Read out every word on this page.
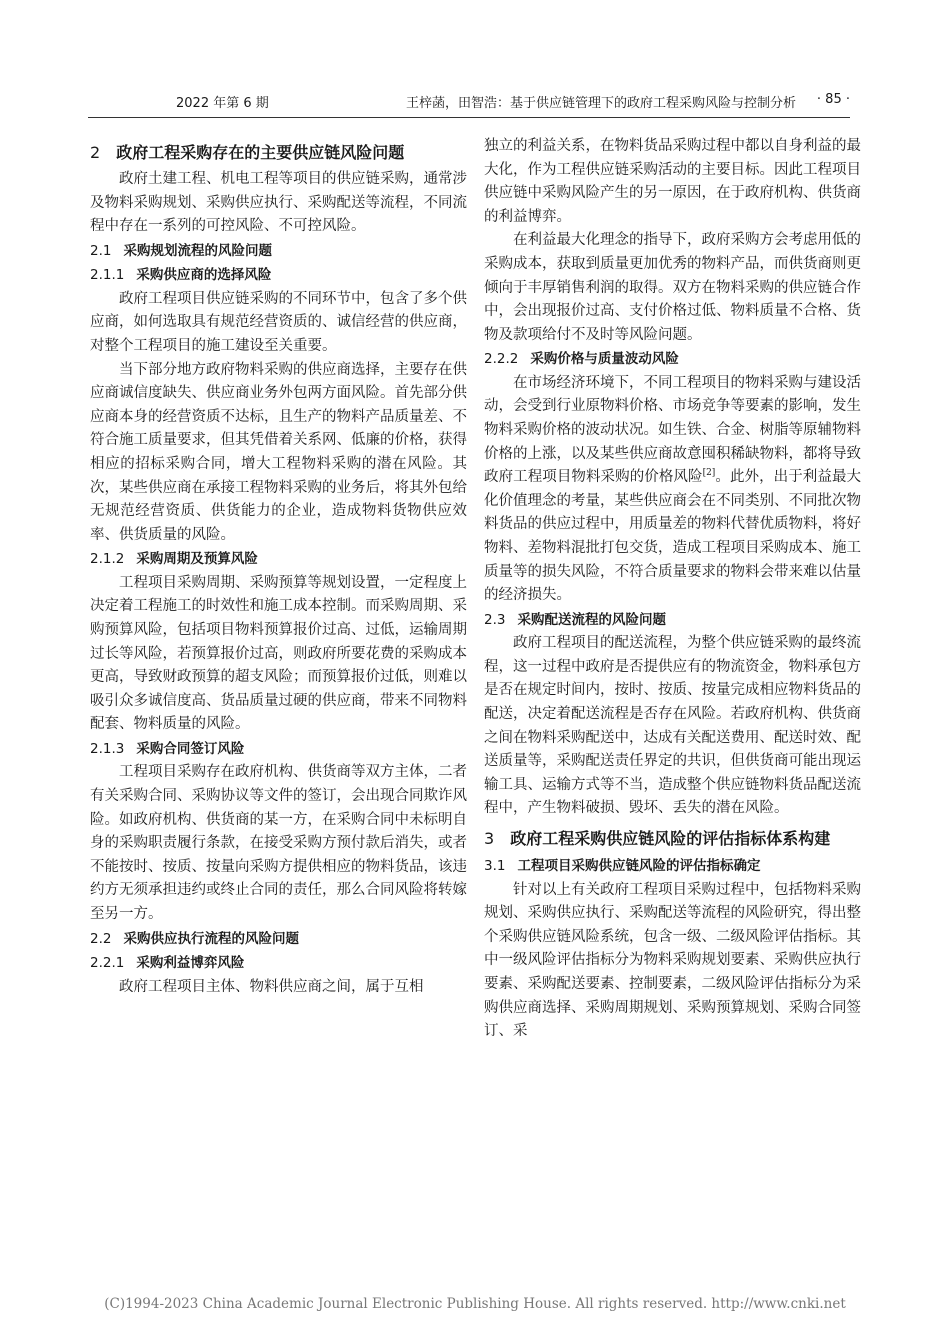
2022 年第 6 期	王梓菡，田智浩：基于供应链管理下的政府工程采购风险与控制分析 · 85 ·
2 政府工程采购存在的主要供应链风险问题

政府土建工程、机电工程等项目的供应链采购，通常涉及物料采购规划、采购供应执行、采购配送等流程，不同流程中存在一系列的可控风险、不可控风险。

2.1 采购规划流程的风险问题
2.1.1 采购供应商的选择风险

政府工程项目供应链采购的不同环节中，包含了多个供应商，如何选取具有规范经营资质的、诚信经营的供应商，对整个工程项目的施工建设至关重要。

当下部分地方政府物料采购的供应商选择，主要存在供应商诚信度缺失、供应商业务外包两方面风险。首先部分供应商本身的经营资质不达标，且生产的物料产品质量差、不符合施工质量要求，但其凭借着关系网、低廉的价格，获得相应的招标采购合同，增大工程物料采购的潜在风险。其次，某些供应商在承接工程物料采购的业务后，将其外包给无规范经营资质、供货能力的企业，造成物料货物供应效率、供货质量的风险。

2.1.2 采购周期及预算风险

工程项目采购周期、采购预算等规划设置，一定程度上决定着工程施工的时效性和施工成本控制。而采购周期、采购预算风险，包括项目物料预算报价过高、过低，运输周期过长等风险，若预算报价过高，则政府所要花费的采购成本更高，导致财政预算的超支风险；而预算报价过低，则难以吸引众多诚信度高、货品质量过硬的供应商，带来不同物料配套、物料质量的风险。

2.1.3 采购合同签订风险

工程项目采购存在政府机构、供货商等双方主体，二者有关采购合同、采购协议等文件的签订，会出现合同欺诈风险。如政府机构、供货商的某一方，在采购合同中未标明自身的采购职责履行条款，在接受采购方预付款后消失，或者不能按时、按质、按量向采购方提供相应的物料货品，该违约方无须承担违约或终止合同的责任，那么合同风险将转嫁至另一方。

2.2 采购供应执行流程的风险问题
2.2.1 采购利益博弈风险

政府工程项目主体、物料供应商之间，属于互相

独立的利益关系，在物料货品采购过程中都以自身利益的最大化，作为工程供应链采购活动的主要目标。因此工程项目供应链中采购风险产生的另一原因，在于政府机构、供货商的利益博弈。

在利益最大化理念的指导下，政府采购方会考虑用低的采购成本，获取到质量更加优秀的物料产品，而供货商则更倾向于丰厚销售利润的取得。双方在物料采购的供应链合作中，会出现报价过高、支付价格过低、物料质量不合格、货物及款项给付不及时等风险问题。

2.2.2 采购价格与质量波动风险

在市场经济环境下，不同工程项目的物料采购与建设活动，会受到行业原物料价格、市场竞争等要素的影响，发生物料采购价格的波动状况。如生铁、合金、树脂等原辅物料价格的上涨，以及某些供应商故意囤积稀缺物料，都将导致政府工程项目物料采购的价格风险[2]。此外，出于利益最大化价值理念的考量，某些供应商会在不同类别、不同批次物料货品的供应过程中，用质量差的物料代替优质物料，将好物料、差物料混批打包交货，造成工程项目采购成本、施工质量等的损失风险，不符合质量要求的物料会带来难以估量的经济损失。

2.3 采购配送流程的风险问题

政府工程项目的配送流程，为整个供应链采购的最终流程，这一过程中政府是否提供应有的物流资金，物料承包方是否在规定时间内，按时、按质、按量完成相应物料货品的配送，决定着配送流程是否存在风险。若政府机构、供货商之间在物料采购配送中，达成有关配送费用、配送时效、配送质量等，采购配送责任界定的共识，但供货商可能出现运输工具、运输方式等不当，造成整个供应链物料货品配送流程中，产生物料破损、毁坏、丢失的潜在风险。

3 政府工程采购供应链风险的评估指标体系构建
3.1 工程项目采购供应链风险的评估指标确定

针对以上有关政府工程项目采购过程中，包括物料采购规划、采购供应执行、采购配送等流程的风险研究，得出整个采购供应链风险系统，包含一级、二级风险评估指标。其中一级风险评估指标分为物料采购规划要素、采购供应执行要素、采购配送要素、控制要素，二级风险评估指标分为采购供应商选择、采购周期规划、采购预算规划、采购合同签订、采

(C)1994-2023 China Academic Journal Electronic Publishing House. All rights reserved. http://www.cnki.net
